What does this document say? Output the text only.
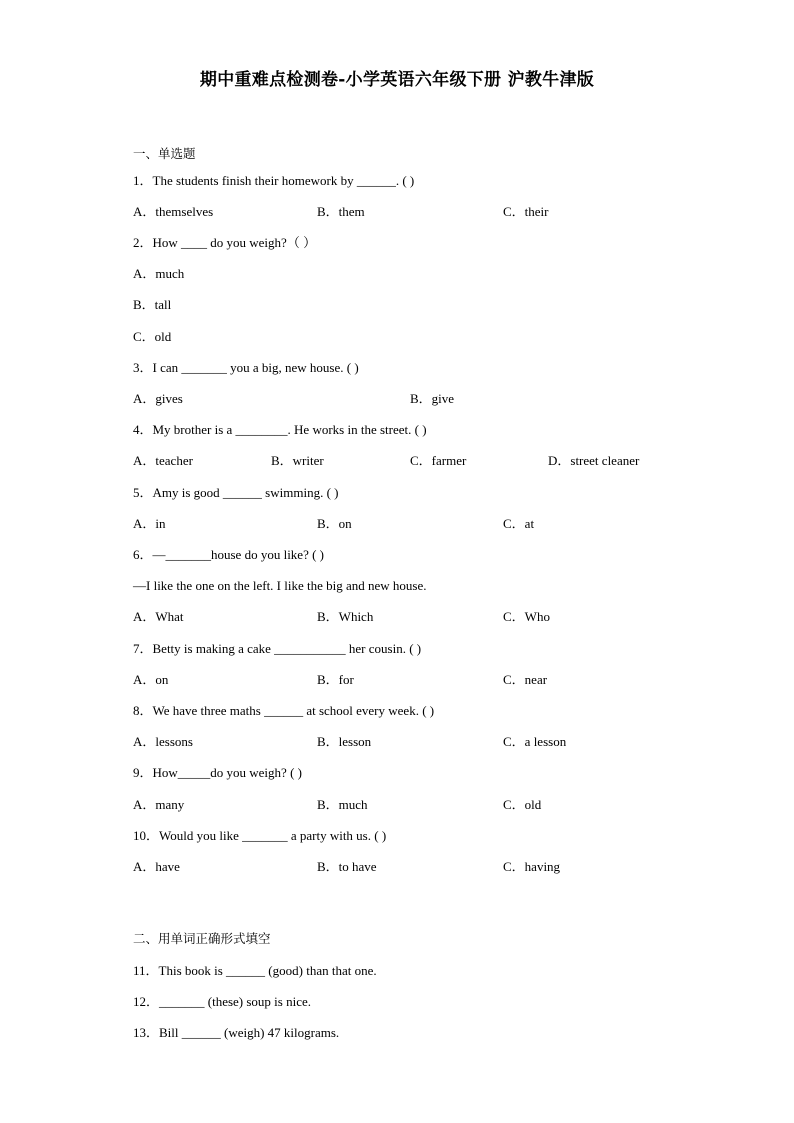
期中重难点检测卷-小学英语六年级下册 沪教牛津版
一、单选题
1．The students finish their homework by ______. ( )
A．themselves	B．them	C．their
2．How ____ do you weigh?（ ）
A．much
B．tall
C．old
3．I can _______ you a big, new house. ( )
A．gives	B．give
4．My brother is a ________. He works in the street. ( )
A．teacher	B．writer	C．farmer	D．street cleaner
5．Amy is good ______ swimming. ( )
A．in	B．on	C．at
6．—_______house do you like? ( )
—I like the one on the left. I like the big and new house.
A．What	B．Which	C．Who
7．Betty is making a cake ___________ her cousin. ( )
A．on	B．for	C．near
8．We have three maths ______ at school every week. ( )
A．lessons	B．lesson	C．a lesson
9．How_____do you weigh? ( )
A．many	B．much	C．old
10．Would you like _______ a party with us. ( )
A．have	B．to have	C．having
二、用单词正确形式填空
11．This book is ______ (good) than that one.
12．_______ (these) soup is nice.
13．Bill ______ (weigh) 47 kilograms.
